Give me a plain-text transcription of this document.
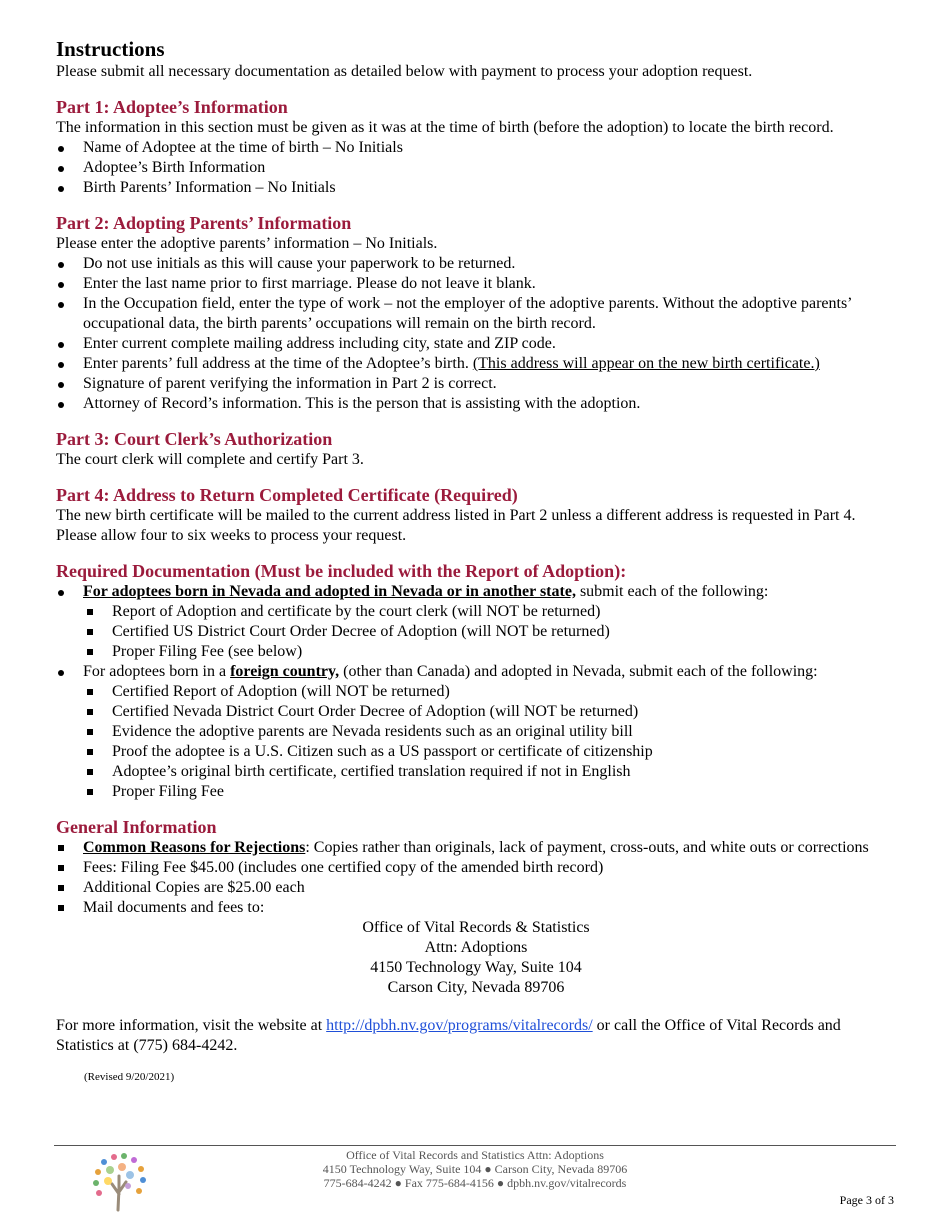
Instructions

Please submit all necessary documentation as detailed below with payment to process your adoption request.

Part 1: Adoptee’s Information

The information in this section must be given as it was at the time of birth (before the adoption) to locate the birth record.

Name of Adoptee at the time of birth – No Initials
Adoptee’s Birth Information
Birth Parents’ Information – No Initials
Part 2: Adopting Parents’ Information

Please enter the adoptive parents’ information – No Initials.

Do not use initials as this will cause your paperwork to be returned.
Enter the last name prior to first marriage. Please do not leave it blank.
In the Occupation field, enter the type of work – not the employer of the adoptive parents. Without the adoptive parents’ occupational data, the birth parents’ occupations will remain on the birth record.
Enter current complete mailing address including city, state and ZIP code.
Enter parents’ full address at the time of the Adoptee’s birth. (This address will appear on the new birth certificate.)
Signature of parent verifying the information in Part 2 is correct.
Attorney of Record’s information. This is the person that is assisting with the adoption.
Part 3: Court Clerk’s Authorization

The court clerk will complete and certify Part 3.

Part 4: Address to Return Completed Certificate (Required)

The new birth certificate will be mailed to the current address listed in Part 2 unless a different address is requested in Part 4. Please allow four to six weeks to process your request.

Required Documentation (Must be included with the Report of Adoption):
For adoptees born in Nevada and adopted in Nevada or in another state, submit each of the following:
Report of Adoption and certificate by the court clerk (will NOT be returned)
Certified US District Court Order Decree of Adoption (will NOT be returned)
Proper Filing Fee (see below)
For adoptees born in a foreign country, (other than Canada) and adopted in Nevada, submit each of the following:
Certified Report of Adoption (will NOT be returned)
Certified Nevada District Court Order Decree of Adoption (will NOT be returned)
Evidence the adoptive parents are Nevada residents such as an original utility bill
Proof the adoptee is a U.S. Citizen such as a US passport or certificate of citizenship
Adoptee’s original birth certificate, certified translation required if not in English
Proper Filing Fee
General Information
Common Reasons for Rejections: Copies rather than originals, lack of payment, cross-outs, and white outs or corrections
Fees: Filing Fee $45.00 (includes one certified copy of the amended birth record)
Additional Copies are $25.00 each
Mail documents and fees to:

Office of Vital Records & Statistics

Attn: Adoptions

4150 Technology Way, Suite 104

Carson City, Nevada 89706

For more information, visit the website at http://dpbh.nv.gov/programs/vitalrecords/ or call the Office of Vital Records and Statistics at (775) 684-4242.

(Revised 9/20/2021)

Office of Vital Records and Statistics Attn: Adoptions
4150 Technology Way, Suite 104 ● Carson City, Nevada 89706
775-684-4242 ● Fax 775-684-4156 ● dpbh.nv.gov/vitalrecords
Page 3 of 3
